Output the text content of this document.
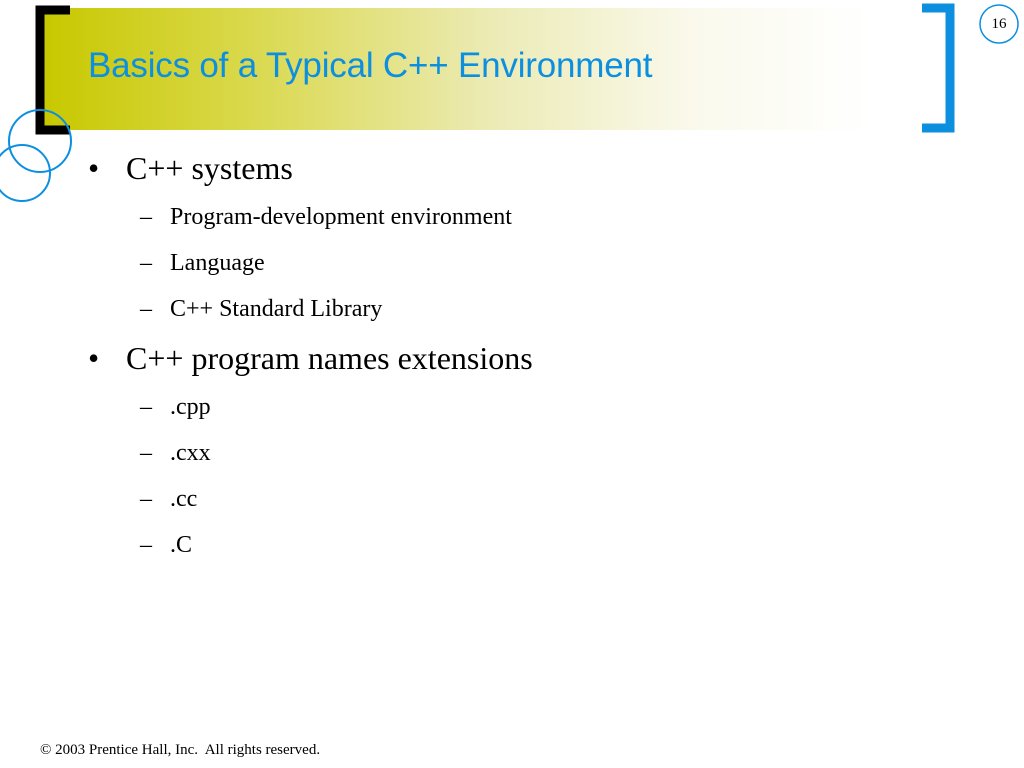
Basics of a Typical C++ Environment
16
• C++ systems
– Program-development environment
– Language
– C++ Standard Library
• C++ program names extensions
– .cpp
– .cxx
– .cc
– .C
© 2003 Prentice Hall, Inc.  All rights reserved.
